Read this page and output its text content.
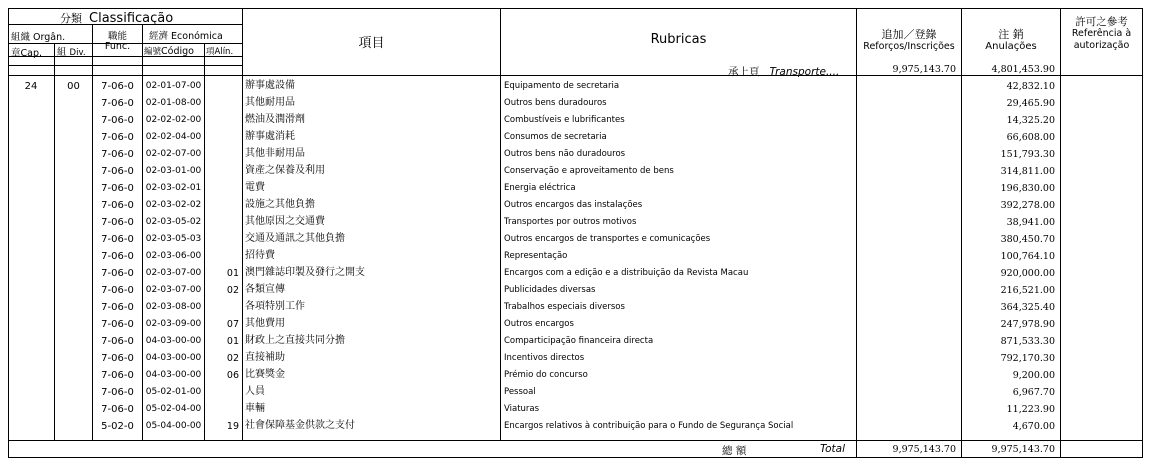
分類 Classificação
組織 Orgân.
章Cap. 組 Div.
職能
Func.
經濟 Económica
編號Código 項Alín.
項目	Rubricas	追加／登錄
Reforços/Inscrições
注 銷
Anulações
許可之參考
Referência à
autorização
承上頁 Transporte....	9,975,143.70	4,801,453.90
24	00	7-06-0	02-01-07-00	辦事處設備	Equipamento de secretaria	42,832.10
7-06-0	02-01-08-00	其他耐用品	Outros bens duradouros	29,465.90
7-06-0	02-02-02-00	燃油及潤滑劑	Combustíveis e lubrificantes	14,325.20
7-06-0	02-02-04-00	辦事處消耗	Consumos de secretaria	66,608.00
7-06-0	02-02-07-00	其他非耐用品	Outros bens não duradouros	151,793.30
7-06-0	02-03-01-00	資產之保養及利用	Conservação e aproveitamento de bens	314,811.00
7-06-0	02-03-02-01	電費	Energia eléctrica	196,830.00
7-06-0	02-03-02-02	設施之其他負擔	Outros encargos das instalações	392,278.00
7-06-0	02-03-05-02	其他原因之交通費	Transportes por outros motivos	38,941.00
7-06-0	02-03-05-03	交通及通訊之其他負擔	Outros encargos de transportes e comunicações	380,450.70
7-06-0	02-03-06-00	招待費	Representação	100,764.10
7-06-0	02-03-07-00	01 澳門雜誌印製及發行之開支	Encargos com a edição e a distribuição da Revista Macau	920,000.00
7-06-0	02-03-07-00	02 各類宣傳	Publicidades diversas	216,521.00
7-06-0	02-03-08-00	各項特別工作	Trabalhos especiais diversos	364,325.40
7-06-0	02-03-09-00	07 其他費用	Outros encargos	247,978.90
7-06-0	04-03-00-00	01 財政上之直接共同分擔	Comparticipação financeira directa	871,533.30
7-06-0	04-03-00-00	02 直接補助	Incentivos directos	792,170.30
7-06-0	04-03-00-00	06 比賽獎金	Prémio do concurso	9,200.00
7-06-0	05-02-01-00	人員	Pessoal	6,967.70
7-06-0	05-02-04-00	車輛	Viaturas	11,223.90
5-02-0	05-04-00-00	19 社會保障基金供款之支付	Encargos relativos à contribuição para o Fundo de Segurança Social	4,670.00
總 額	Total	9,975,143.70	9,975,143.70
